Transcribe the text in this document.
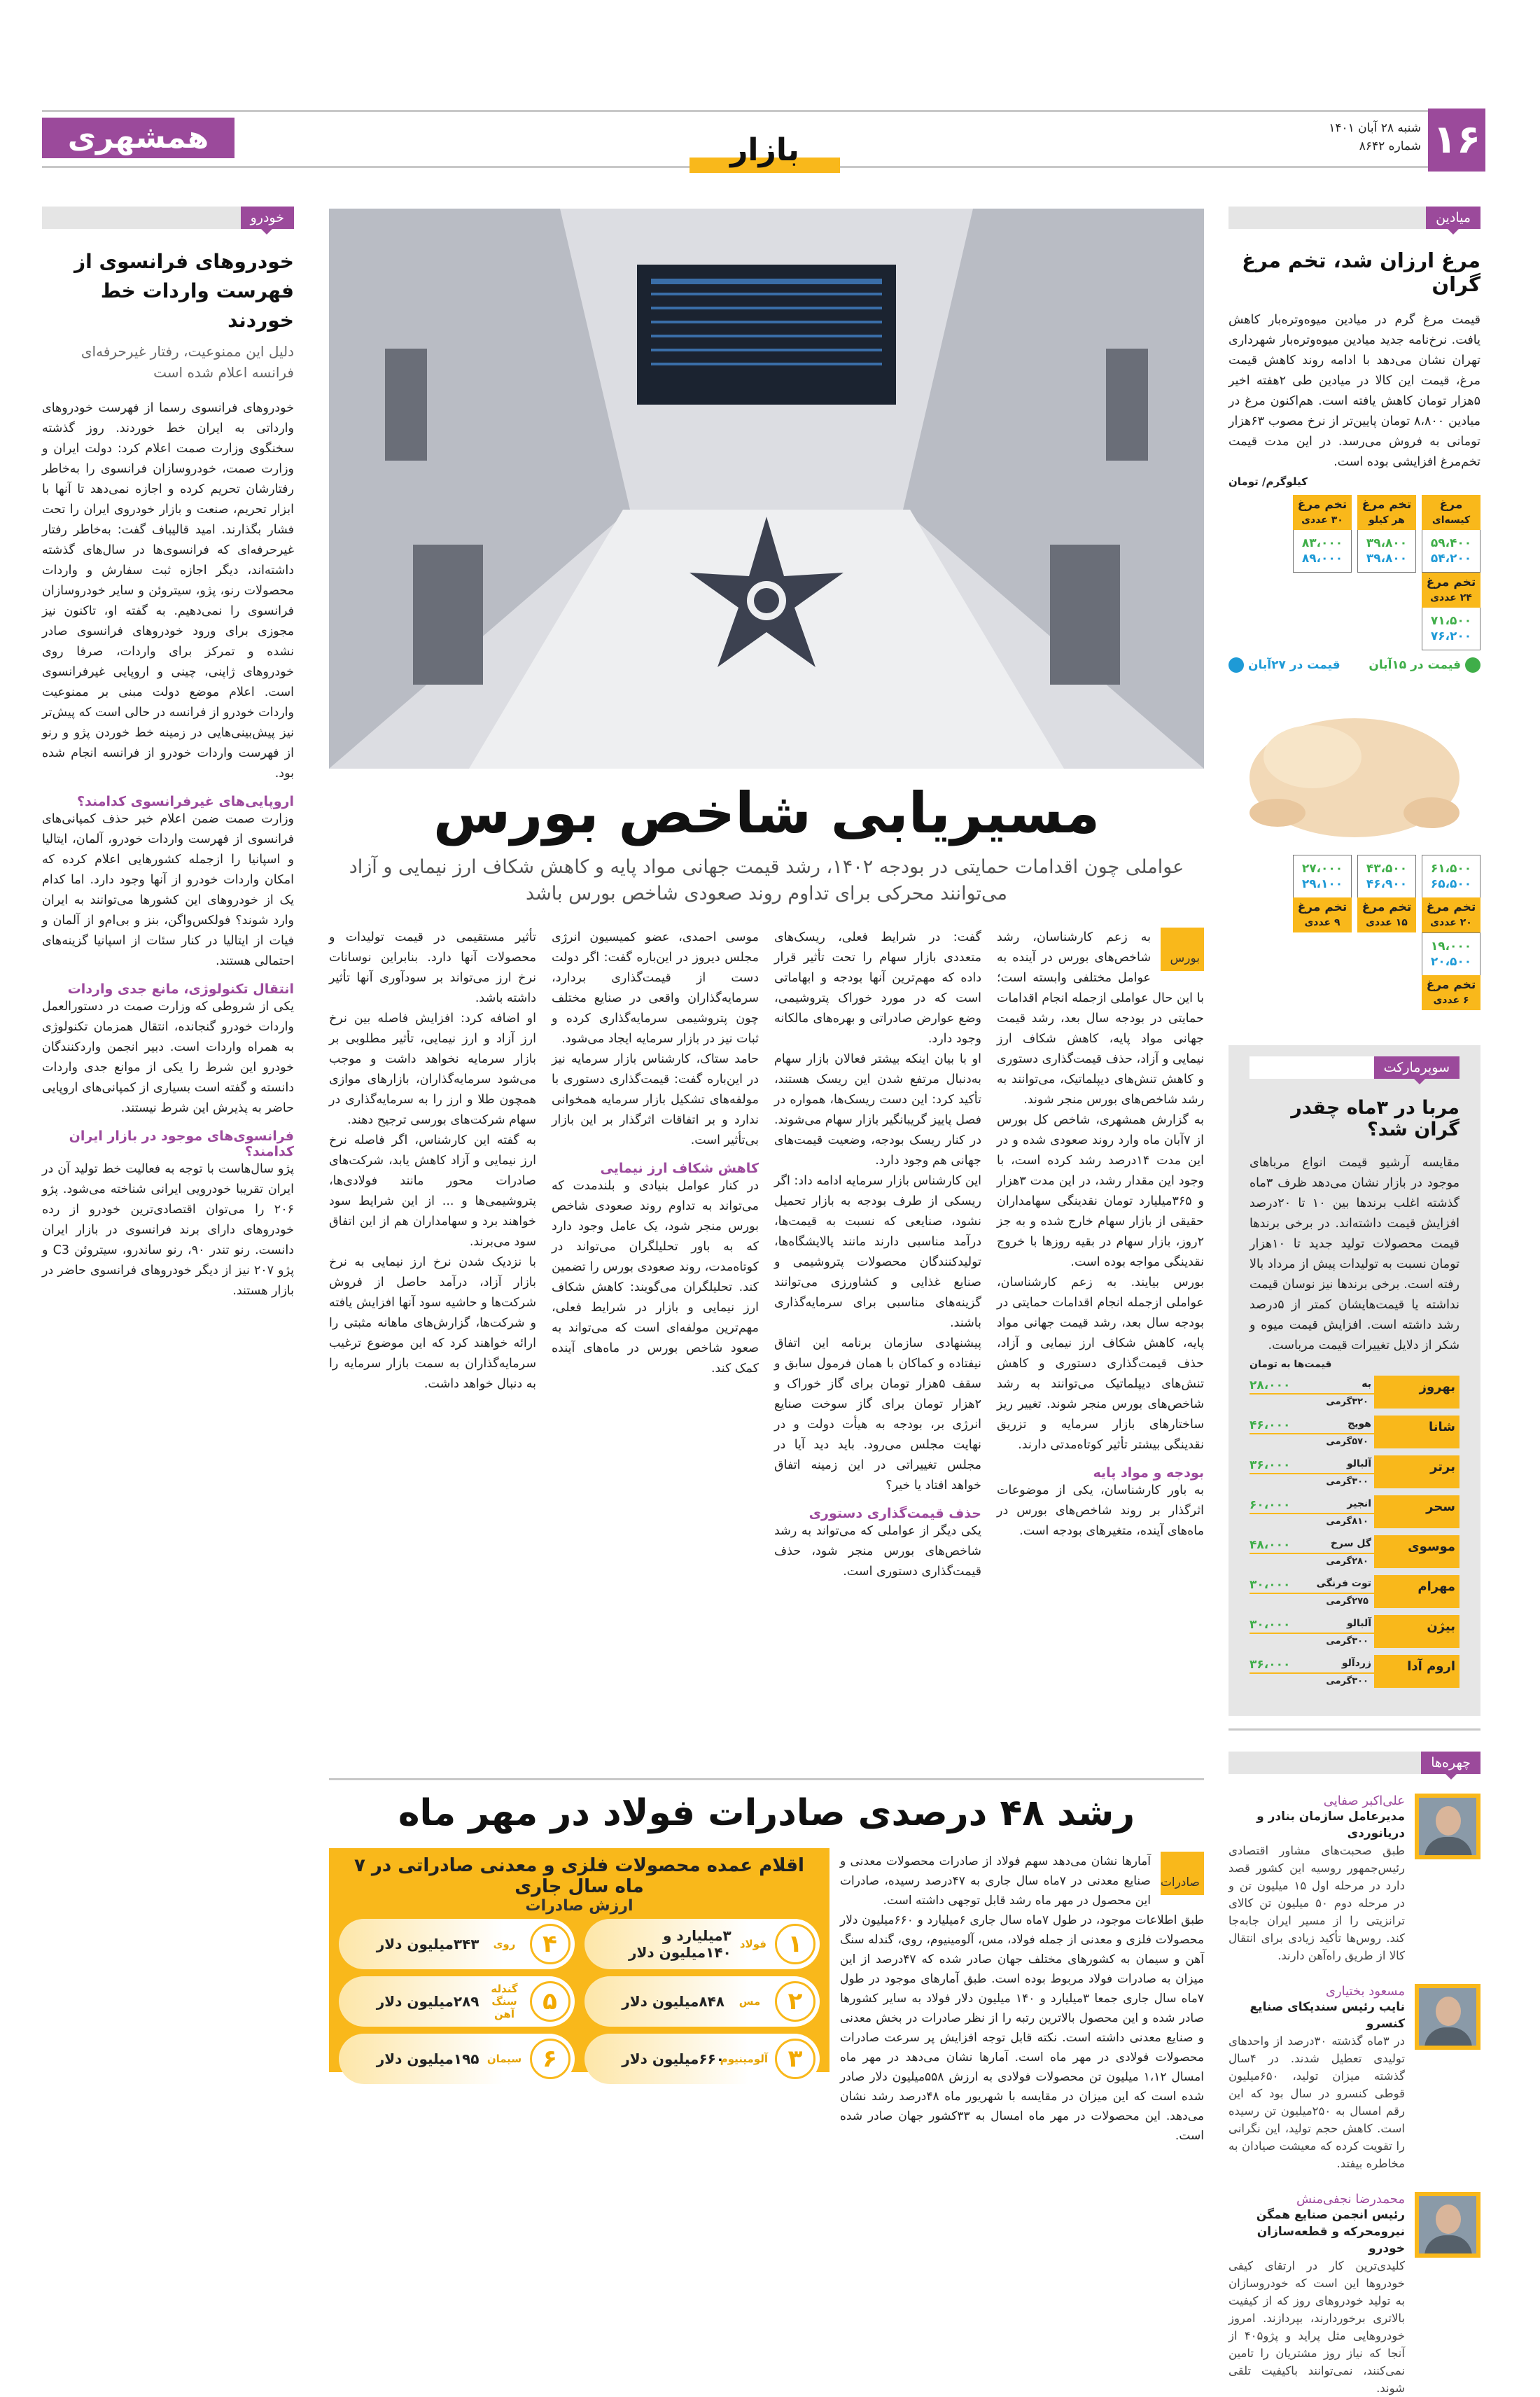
همشهری	بازار
شنبه ۲۸ آبان ۱۴۰۱
شماره ۸۶۴۲ ۱۶
میادین
مرغ ارزان شد، تخم مرغ گران
قیمت مرغ گرم در میادین میوه‌وتره‌بار کاهش یافت. نرخ‌نامه جدید میادین میوه‌وتره‌بار شهرداری تهران نشان می‌دهد با ادامه روند کاهش قیمت مرغ، قیمت این کالا در میادین طی ۲هفته اخیر ۵هزار تومان کاهش یافته است. هم‌اکنون مرغ در میادین ۸،۸۰۰ تومان پایین‌تر از نرخ مصوب ۶۳هزار تومانی به فروش می‌رسد. در این مدت قیمت تخم‌مرغ افزایشی بوده است.
کیلوگرم/ تومان
مرغ
کیسه‌ای
۵۹،۴۰۰
۵۴،۲۰۰
تخم مرغ
هر کیلو
۳۹،۸۰۰
۳۹،۸۰۰
تخم مرغ
۳۰ عددی
۸۳،۰۰۰
۸۹،۰۰۰
تخم مرغ
۲۴ عددی
۷۱،۵۰۰
۷۶،۲۰۰
قیمت در ۱۵آبان
قیمت در ۲۷آبان
۶۱،۵۰۰
۶۵،۵۰۰
تخم مرغ
۲۰ عددی
۴۳،۵۰۰
۴۶،۹۰۰
تخم مرغ
۱۵ عددی
۲۷،۰۰۰
۲۹،۱۰۰
تخم مرغ
۹ عددی
۱۹،۰۰۰
۲۰،۵۰۰
تخم مرغ
۶ عددی
سوپرمارکت
مربا در ۳ماه چقدر گران شد؟
مقایسه آرشیو قیمت انواع مرباهای موجود در بازار نشان می‌دهد ظرف ۳ماه گذشته اغلب برندها بین ۱۰ تا ۲۰درصد افزایش قیمت داشته‌اند. در برخی برندها قیمت محصولات تولید جدید تا ۱۰هزار تومان نسبت به تولیدات پیش از مرداد بالا رفته است. برخی برندها نیز نوسان قیمت نداشته یا قیمت‌هایشان کمتر از ۵درصد رشد داشته است. افزایش قیمت میوه و شکر از دلایل تغییرات قیمت مرباست.
قیمت‌ها به تومان
بهروز
به
۳۲۰گرمی
۲۸،۰۰۰
شانا
هویج
۵۷۰گرمی
۴۶،۰۰۰
برتر
آلبالو
۳۰۰گرمی
۳۶،۰۰۰
سحر
انجیر
۸۱۰گرمی
۶۰،۰۰۰
موسوی
گل سرخ
۲۸۰گرمی
۴۸،۰۰۰
مهرام
توت فرنگی
۲۷۵گرمی
۳۰،۰۰۰
بیژن
آلبالو
۳۰۰گرمی
۳۰،۰۰۰
اروم آدا
زردآلو
۳۰۰گرمی
۳۶،۰۰۰
چهره‌ها
علی‌اکبر صفایی
مدیرعامل سازمان بنادر و دریانوردی
طبق صحبت‌های مشاور اقتصادی رئیس‌جمهور روسیه این کشور قصد دارد در مرحله اول ۱۵ میلیون تن و در مرحله دوم ۵۰ میلیون تن کالای ترانزیتی را از مسیر ایران جابه‌جا کند. روس‌ها تأکید زیادی برای انتقال کالا از طریق راه‌آهن دارند.
مسعود بختیاری
نایب رئیس سندیکای صنایع کنسرو
در ۳ماه گذشته ۳۰درصد از واحدهای تولیدی تعطیل شدند. در ۴سال گذشته میزان تولید، ۶۵۰میلیون قوطی کنسرو در سال بود که این رقم امسال به ۲۵۰میلیون تن رسیده است. کاهش حجم تولید، این نگرانی را تقویت کرده که معیشت صیادان به مخاطره بیفتد.
محمدرضا نجفی‌منش
رئیس انجمن صنایع همگن نیرومحرکه و قطعه‌سازان خودرو
کلیدی‌ترین کار در ارتقای کیفی خودروها این است که خودروسازان به تولید خودروهای روز که از کیفیت بالاتری برخوردارند، بپردازند. امروز خودروهایی مثل پراید و پژو۴۰۵ از آنجا که نیاز روز مشتریان را تامین نمی‌کنند، نمی‌توانند باکیفیت تلقی شوند.
مسیریابی شاخص بورس
عواملی چون اقدامات حمایتی در بودجه ۱۴۰۲، رشد قیمت جهانی مواد پایه و کاهش شکاف ارز نیمایی و آزاد می‌توانند محرکی برای تداوم روند صعودی شاخص بورس باشد
بورس

به زعم کارشناسان، رشد شاخص‌های بورس در آینده به عوامل مختلفی وابسته است؛ با این حال عواملی ازجمله انجام اقدامات حمایتی در بودجه سال بعد، رشد قیمت جهانی مواد پایه، کاهش شکاف ارز نیمایی و آزاد، حذف قیمت‌گذاری دستوری و کاهش تنش‌های دیپلماتیک، می‌توانند به رشد شاخص‌های بورس منجر شوند.

به گزارش همشهری، شاخص کل بورس از ۷آبان ماه وارد روند صعودی شده و در این مدت ۱۴درصد رشد کرده است، با وجود این مقدار رشد، در این مدت ۳هزار و ۳۶۵میلیارد تومان نقدینگی سهامداران حقیقی از بازار سهام خارج شده و به جز ۲روز، بازار سهام در بقیه روزها با خروج نقدینگی مواجه بوده است.

بورس بیایند. به زعم کارشناسان، عواملی ازجمله انجام اقدامات حمایتی در بودجه سال بعد، رشد قیمت جهانی مواد پایه، کاهش شکاف ارز نیمایی و آزاد، حذف قیمت‌گذاری دستوری و کاهش تنش‌های دیپلماتیک می‌توانند به رشد شاخص‌های بورس منجر شوند. تغییر ریز ساختارهای بازار سرمایه و تزریق نقدینگی بیشتر تأثیر کوتاه‌مدتی دارند.

بودجه و مواد پایه

به باور کارشناسان، یکی از موضوعات اثرگذار بر روند شاخص‌های بورس در ماه‌های آینده، متغیرهای بودجه است.

گفت: در شرایط فعلی، ریسک‌های متعددی بازار سهام را تحت تأثیر قرار داده که مهم‌ترین آنها بودجه و ابهاماتی است که در مورد خوراک پتروشیمی، وضع عوارض صادراتی و بهره‌های مالکانه وجود دارد.

او با بیان اینکه بیشتر فعالان بازار سهام به‌دنبال مرتفع شدن این ریسک هستند، تأکید کرد: این دست ریسک‌ها، همواره در فصل پاییز گریبانگیر بازار سهام می‌شوند. در کنار ریسک بودجه، وضعیت قیمت‌های جهانی هم وجود دارد.

این کارشناس بازار سرمایه ادامه داد: اگر ریسکی از طرف بودجه به بازار تحمیل نشود، صنایعی که نسبت به قیمت‌ها، درآمد مناسبی دارند مانند پالایشگاه‌ها، تولیدکنندگان محصولات پتروشیمی و صنایع غذایی و کشاورزی می‌توانند گزینه‌های مناسبی برای سرمایه‌گذاری باشند.

پیشنهادی سازمان برنامه این اتفاق نیفتاده و کماکان با همان فرمول سابق و سقف ۵هزار تومان برای گاز خوراک و ۲هزار تومان برای گاز سوخت صنایع انرژی بر، بودجه به هیأت دولت و در نهایت مجلس می‌رود. باید دید آیا در مجلس تغییراتی در این زمینه اتفاق خواهد افتاد یا خیر؟

حذف قیمت‌گذاری دستوری

یکی دیگر از عواملی که می‌تواند به رشد شاخص‌های بورس منجر شود، حذف قیمت‌گذاری دستوری است.

موسی احمدی، عضو کمیسیون انرژی مجلس دیروز در این‌باره گفت: اگر دولت دست از قیمت‌گذاری بردارد، سرمایه‌گذاران واقعی در صنایع مختلف چون پتروشیمی سرمایه‌گذاری کرده و ثبات نیز در بازار سرمایه ایجاد می‌شود.

حامد ستاک، کارشناس بازار سرمایه نیز در این‌باره گفت: قیمت‌گذاری دستوری با مولفه‌های تشکیل بازار سرمایه همخوانی ندارد و بر اتفاقات اثرگذار بر این بازار بی‌تأثیر است.

کاهش شکاف ارز نیمایی

در کنار عوامل بنیادی و بلندمدت که می‌تواند به تداوم روند صعودی شاخص بورس منجر شود، یک عامل وجود دارد که به باور تحلیلگران می‌تواند در کوتاه‌مدت، روند صعودی بورس را تضمین کند. تحلیلگران می‌گویند: کاهش شکاف ارز نیمایی و بازار در شرایط فعلی، مهم‌ترین مولفه‌ای است که می‌تواند به صعود شاخص بورس در ماه‌های آینده کمک کند.

تأثیر مستقیمی در قیمت تولیدات و محصولات آنها دارد. بنابراین نوسانات نرخ ارز می‌تواند بر سودآوری آنها تأثیر داشته باشد.

او اضافه کرد: افزایش فاصله بین نرخ ارز آزاد و ارز نیمایی، تأثیر مطلوبی بر بازار سرمایه نخواهد داشت و موجب می‌شود سرمایه‌گذاران، بازارهای موازی همچون طلا و ارز را به سرمایه‌گذاری در سهام شرکت‌های بورسی ترجیح دهند.

به گفته این کارشناس، اگر فاصله نرخ ارز نیمایی و آزاد کاهش یابد، شرکت‌های صادرات محور مانند فولادی‌ها، پتروشیمی‌ها و ... از این شرایط سود خواهند برد و سهامداران هم از این اتفاق سود می‌برند.

با نزدیک شدن نرخ ارز نیمایی به نرخ بازار آزاد، درآمد حاصل از فروش شرکت‌ها و حاشیه سود آنها افزایش یافته و شرکت‌ها، گزارش‌های ماهانه مثبتی را ارائه خواهند کرد که این موضوع ترغیب سرمایه‌گذاران به سمت بازار سرمایه را به دنبال خواهد داشت.

رشد ۴۸ درصدی صادرات فولاد در مهر ماه
اقلام عمده محصولات فلزی و معدنی صادراتی در ۷ ماه سال جاری
ارزش صادرات
۱
فولاد
۳میلیارد و ۱۴۰میلیون دلار
۴
روی
۳۴۳میلیون دلار
۲
مس
۸۴۸میلیون دلار
۵
گندله سنگ آهن
۲۸۹میلیون دلار
۳
آلومینیوم
۶۶۰میلیون دلار
۶
سیمان
۱۹۵میلیون دلار
صادرات

آمارها نشان می‌دهد سهم فولاد از صادرات محصولات معدنی و صنایع معدنی در ۷ماه سال جاری به ۴۷درصد رسیده، صادرات این محصول در مهر ماه رشد قابل توجهی داشته است.

طبق اطلاعات موجود، در طول ۷ماه سال جاری ۶میلیارد و ۶۶۰میلیون دلار محصولات فلزی و معدنی از جمله فولاد، مس، آلومینیوم، روی، گندله سنگ آهن و سیمان به کشورهای مختلف جهان صادر شده که ۴۷درصد از این میزان به صادرات فولاد مربوط بوده است. طبق آمارهای موجود در طول ۷ماه سال جاری جمعا ۳میلیارد و ۱۴۰ میلیون دلار فولاد به سایر کشورها صادر شده و این محصول بالاترین رتبه را از نظر صادرات در بخش معدنی و صنایع معدنی داشته است. نکته قابل توجه افزایش پر سرعت صادرات محصولات فولادی در مهر ماه است. آمارها نشان می‌دهد در مهر ماه امسال ۱،۱۲ میلیون تن محصولات فولادی به ارزش ۵۵۸میلیون دلار صادر شده است که این میزان در مقایسه با شهریور ماه ۴۸درصد رشد نشان می‌دهد. این محصولات در مهر ماه امسال به ۳۳کشور جهان صادر شده است.

خودرو
خودروهای فرانسوی از فهرست واردات خط خوردند
دلیل این ممنوعیت، رفتار غیرحرفه‌ای فرانسه اعلام شده است
خودروهای فرانسوی رسما از فهرست خودروهای وارداتی به ایران خط خوردند. روز گذشته سخنگوی وزارت صمت اعلام کرد: دولت ایران و وزارت صمت، خودروسازان فرانسوی را به‌خاطر رفتارشان تحریم کرده و اجازه نمی‌دهد تا آنها با ابزار تحریم، صنعت و بازار خودروی ایران را تحت فشار بگذارند. امید قالیباف گفت: به‌خاطر رفتار غیرحرفه‌ای که فرانسوی‌ها در سال‌های گذشته داشته‌اند، دیگر اجازه ثبت سفارش و واردات محصولات رنو، پژو، سیتروئن و سایر خودروسازان فرانسوی را نمی‌دهیم. به گفته او، تاکنون نیز مجوزی برای ورود خودروهای فرانسوی صادر نشده و تمرکز برای واردات، صرفا روی خودروهای ژاپنی، چینی و اروپایی غیرفرانسوی است. اعلام موضع دولت مبنی بر ممنوعیت واردات خودرو از فرانسه در حالی است که پیش‌تر نیز پیش‌بینی‌هایی در زمینه خط خوردن پژو و رنو از فهرست واردات خودرو از فرانسه انجام شده بود.
اروپایی‌های غیرفرانسوی کدامند؟
وزارت صمت ضمن اعلام خبر حذف کمپانی‌های فرانسوی از فهرست واردات خودرو، آلمان، ایتالیا و اسپانیا را ازجمله کشورهایی اعلام کرده که امکان واردات خودرو از آنها وجود دارد. اما کدام یک از خودروهای این کشورها می‌توانند به ایران وارد شوند؟ فولکس‌واگن، بنز و بی‌ام‌و از آلمان و فیات از ایتالیا در کنار سئات از اسپانیا گزینه‌های احتمالی هستند.
انتقال تکنولوژی، مانع جدی واردات
یکی از شروطی که وزارت صمت در دستورالعمل واردات خودرو گنجانده، انتقال همزمان تکنولوژی به همراه واردات است. دبیر انجمن واردکنندگان خودرو این شرط را یکی از موانع جدی واردات دانسته و گفته است بسیاری از کمپانی‌های اروپایی حاضر به پذیرش این شرط نیستند.
فرانسوی‌های موجود در بازار ایران کدامند؟
پژو سال‌هاست با توجه به فعالیت خط تولید آن در ایران تقریبا خودرویی ایرانی شناخته می‌شود. پژو ۲۰۶ را می‌توان اقتصادی‌ترین خودرو از رده خودروهای دارای برند فرانسوی در بازار ایران دانست. رنو تندر ۹۰، رنو ساندرو، سیتروئن C3 و پژو ۲۰۷ نیز از دیگر خودروهای فرانسوی حاضر در بازار هستند.
